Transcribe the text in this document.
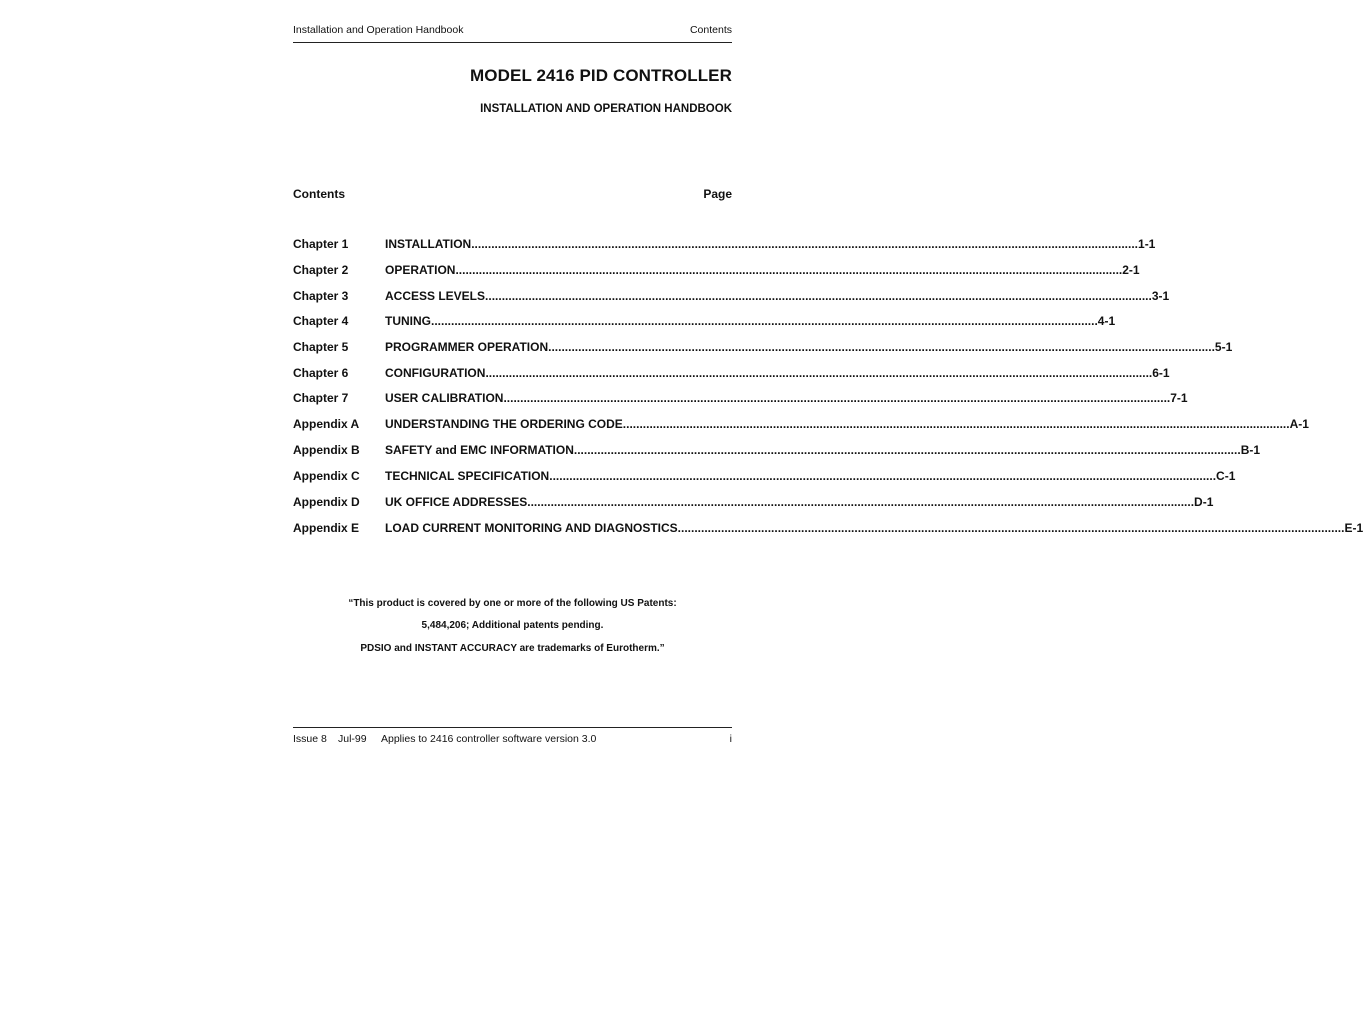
Installation and Operation Handbook	Contents
MODEL 2416 PID CONTROLLER
INSTALLATION AND OPERATION HANDBOOK
Contents	Page
Chapter 1	INSTALLATION ........................................................................................................................................................................................................ 1-1
Chapter 2	OPERATION ........................................................................................................................................................................................................ 2-1
Chapter 3	ACCESS LEVELS ........................................................................................................................................................................................................ 3-1
Chapter 4	TUNING ........................................................................................................................................................................................................ 4-1
Chapter 5	PROGRAMMER OPERATION ........................................................................................................................................................................................................ 5-1
Chapter 6	CONFIGURATION ........................................................................................................................................................................................................ 6-1
Chapter 7	USER CALIBRATION ........................................................................................................................................................................................................ 7-1
Appendix A UNDERSTANDING THE ORDERING CODE ........................................................................................................................................................................................................ A-1
Appendix B SAFETY and EMC INFORMATION ........................................................................................................................................................................................................ B-1
Appendix C TECHNICAL SPECIFICATION ........................................................................................................................................................................................................ C-1
Appendix D UK OFFICE ADDRESSES ........................................................................................................................................................................................................ D-1
Appendix E LOAD CURRENT MONITORING AND DIAGNOSTICS ........................................................................................................................................................................................................ E-1
“This product is covered by one or more of the following US Patents:
5,484,206; Additional patents pending.
PDSIO and INSTANT ACCURACY are trademarks of Eurotherm.”
Issue 8 Jul-99 Applies to 2416 controller software version 3.0	i
